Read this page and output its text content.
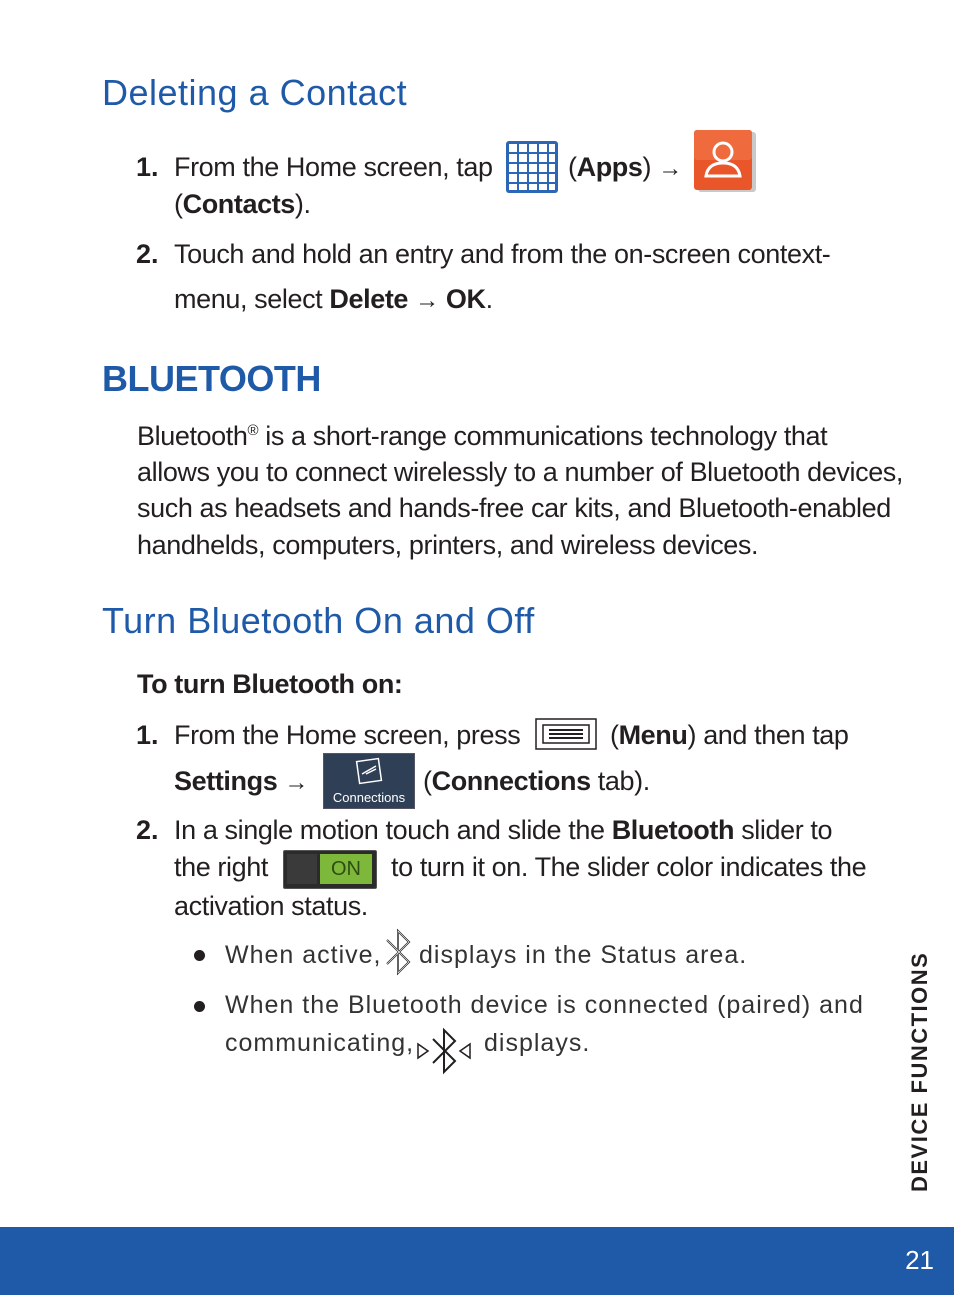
Deleting a Contact
1. From the Home screen, tap	(Apps) →
(Contacts).
2. Touch and hold an entry and from the on-screen context-
menu, select Delete → OK.
BLUETOOTH
Bluetooth® is a short-range communications technology that
allows you to connect wirelessly to a number of Bluetooth devices,
such as headsets and hands-free car kits, and Bluetooth-enabled
handhelds, computers, printers, and wireless devices.
Turn Bluetooth On and Off
To turn Bluetooth on:
1. From the Home screen, press	(Menu) and then tap
Settings →
Connections
(Connections tab).
2. In a single motion touch and slide the Bluetooth slider to
the right	ON	to turn it on. The slider color indicates the
activation status.
When active, displays in the Status area.
When the Bluetooth device is connected (paired) and
communicating,	displays.	DEVICE FUNCTIONS
21
